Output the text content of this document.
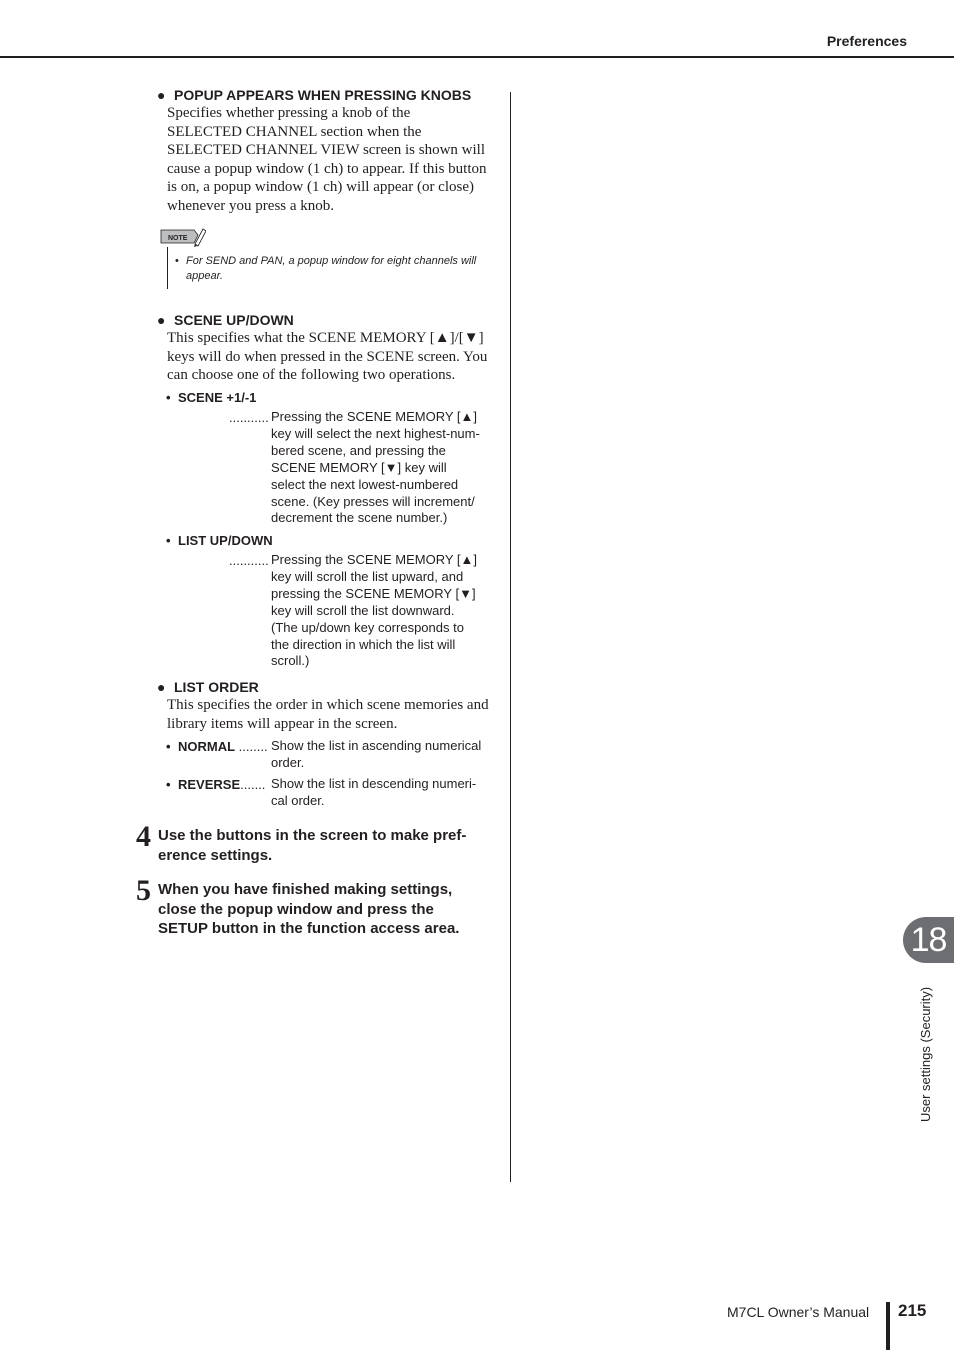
Preferences
● POPUP APPEARS WHEN PRESSING KNOBS
Specifies whether pressing a knob of the
SELECTED CHANNEL section when the
SELECTED CHANNEL VIEW screen is shown will
cause a popup window (1 ch) to appear. If this button
is on, a popup window (1 ch) will appear (or close)
whenever you press a knob.
NOTE
• For SEND and PAN, a popup window for eight channels will
appear.
● SCENE UP/DOWN
This specifies what the SCENE MEMORY [▲]/[▼]
keys will do when pressed in the SCENE screen. You
can choose one of the following two operations.
• SCENE +1/-1
........... Pressing the SCENE MEMORY [▲]
key will select the next highest-num-
bered scene, and pressing the
SCENE MEMORY [▼] key will
select the next lowest-numbered
scene. (Key presses will increment/
decrement the scene number.)
• LIST UP/DOWN
........... Pressing the SCENE MEMORY [▲]
key will scroll the list upward, and
pressing the SCENE MEMORY [▼]
key will scroll the list downward.
(The up/down key corresponds to
the direction in which the list will
scroll.)
● LIST ORDER
This specifies the order in which scene memories and
library items will appear in the screen.
• NORMAL ........ Show the list in ascending numerical
order.
• REVERSE....... Show the list in descending numeri-
cal order.
4 Use the buttons in the screen to make pref-
erence settings.
5 When you have finished making settings,
close the popup window and press the
SETUP button in the function access area.	18
User settings (Security)
M7CL Owner’s Manual 215
